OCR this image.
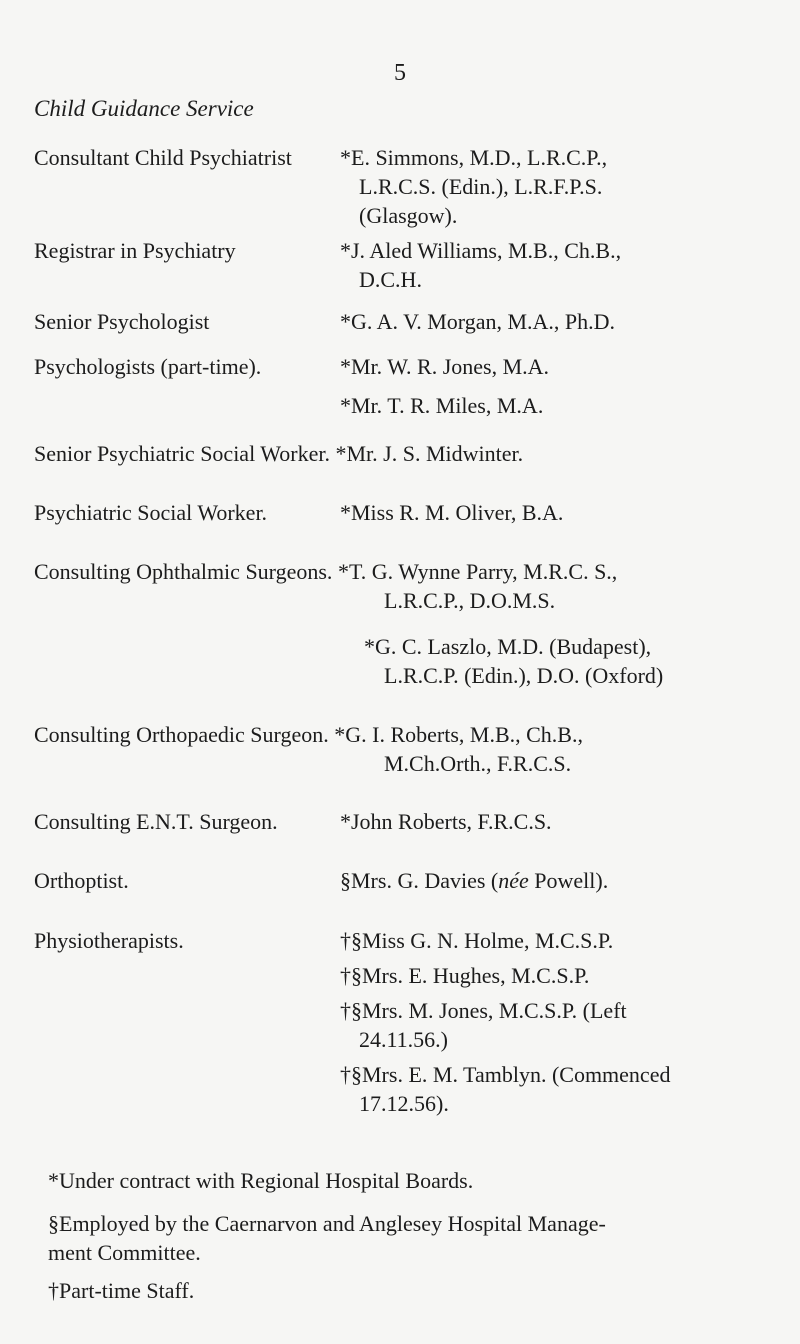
5
Child Guidance Service
Consultant Child Psychiatrist *E. Simmons, M.D., L.R.C.P.,
L.R.C.S. (Edin.), L.R.F.P.S.
(Glasgow).
Registrar in Psychiatry	*J. Aled Williams, M.B., Ch.B.,
D.C.H.
Senior Psychologist	*G. A. V. Morgan, M.A., Ph.D.
Psychologists (part-time).	*Mr. W. R. Jones, M.A.
*Mr. T. R. Miles, M.A.
Senior Psychiatric Social Worker. *Mr. J. S. Midwinter.
Psychiatric Social Worker.	*Miss R. M. Oliver, B.A.
Consulting Ophthalmic Surgeons. *T. G. Wynne Parry, M.R.C. S.,
L.R.C.P., D.O.M.S.
*G. C. Laszlo, M.D. (Budapest),
L.R.C.P. (Edin.), D.O. (Oxford)
Consulting Orthopaedic Surgeon. *G. I. Roberts, M.B., Ch.B.,
M.Ch.Orth., F.R.C.S.
Consulting E.N.T. Surgeon.	*John Roberts, F.R.C.S.
Orthoptist.	§Mrs. G. Davies (née Powell).
Physiotherapists.	†§Miss G. N. Holme, M.C.S.P.
†§Mrs. E. Hughes, M.C.S.P.
†§Mrs. M. Jones, M.C.S.P. (Left
24.11.56.)
†§Mrs. E. M. Tamblyn. (Commenced
17.12.56).
*Under contract with Regional Hospital Boards.
§Employed by the Caernarvon and Anglesey Hospital Manage-
ment Committee.
†Part-time Staff.
